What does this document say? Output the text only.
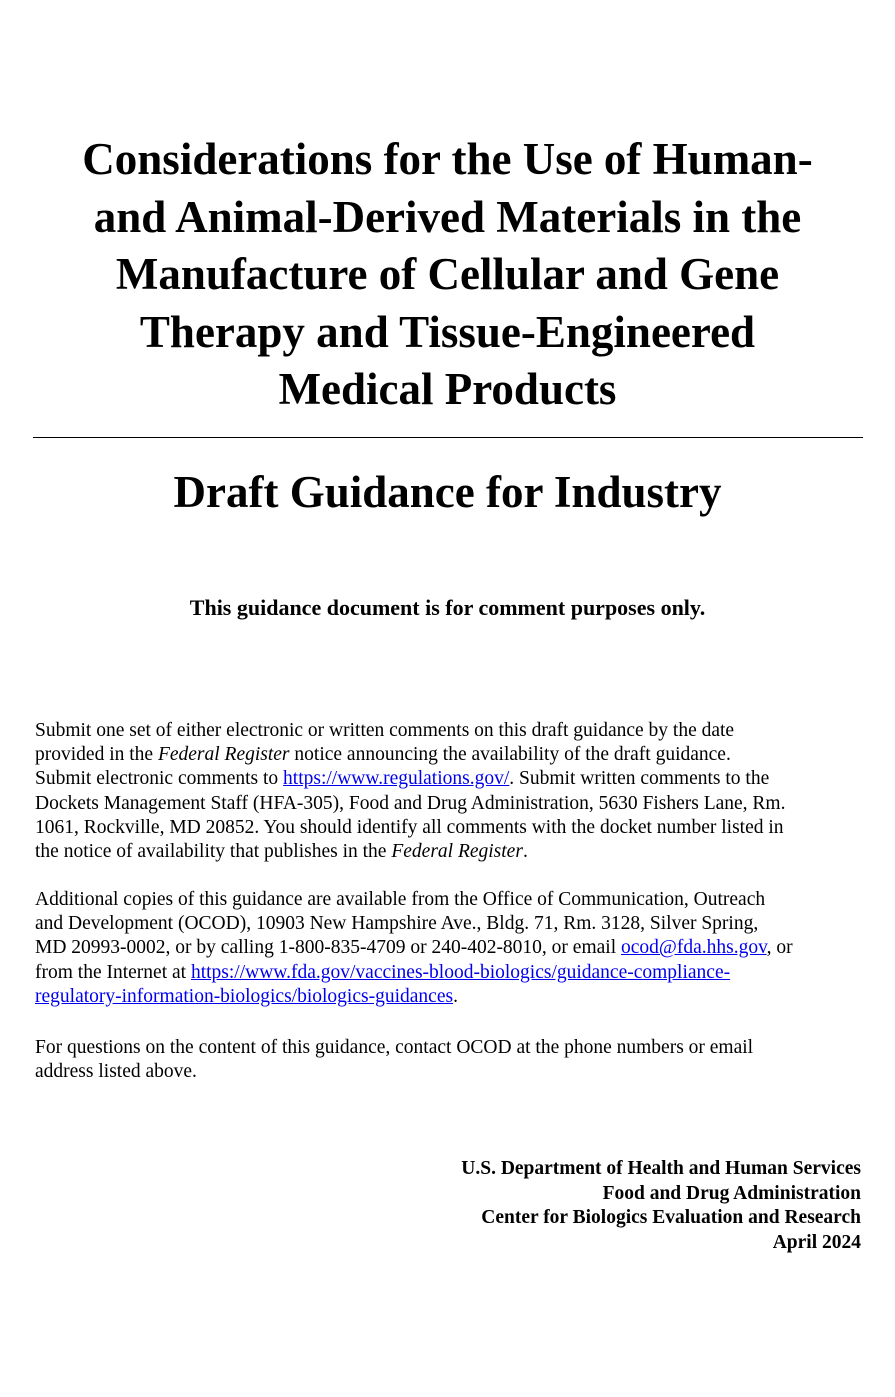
Considerations for the Use of Human-
and Animal-Derived Materials in the
Manufacture of Cellular and Gene
Therapy and Tissue-Engineered
Medical Products
Draft Guidance for Industry

This guidance document is for comment purposes only.

Submit one set of either electronic or written comments on this draft guidance by the date
provided in the Federal Register notice announcing the availability of the draft guidance.
Submit electronic comments to https://www.regulations.gov/. Submit written comments to the
Dockets Management Staff (HFA-305), Food and Drug Administration, 5630 Fishers Lane, Rm.
1061, Rockville, MD 20852. You should identify all comments with the docket number listed in
the notice of availability that publishes in the Federal Register.

Additional copies of this guidance are available from the Office of Communication, Outreach
and Development (OCOD), 10903 New Hampshire Ave., Bldg. 71, Rm. 3128, Silver Spring,
MD 20993-0002, or by calling 1-800-835-4709 or 240-402-8010, or email ocod@fda.hhs.gov, or
from the Internet at https://www.fda.gov/vaccines-blood-biologics/guidance-compliance-
regulatory-information-biologics/biologics-guidances.

For questions on the content of this guidance, contact OCOD at the phone numbers or email
address listed above.

U.S. Department of Health and Human Services
Food and Drug Administration
Center for Biologics Evaluation and Research
April 2024
